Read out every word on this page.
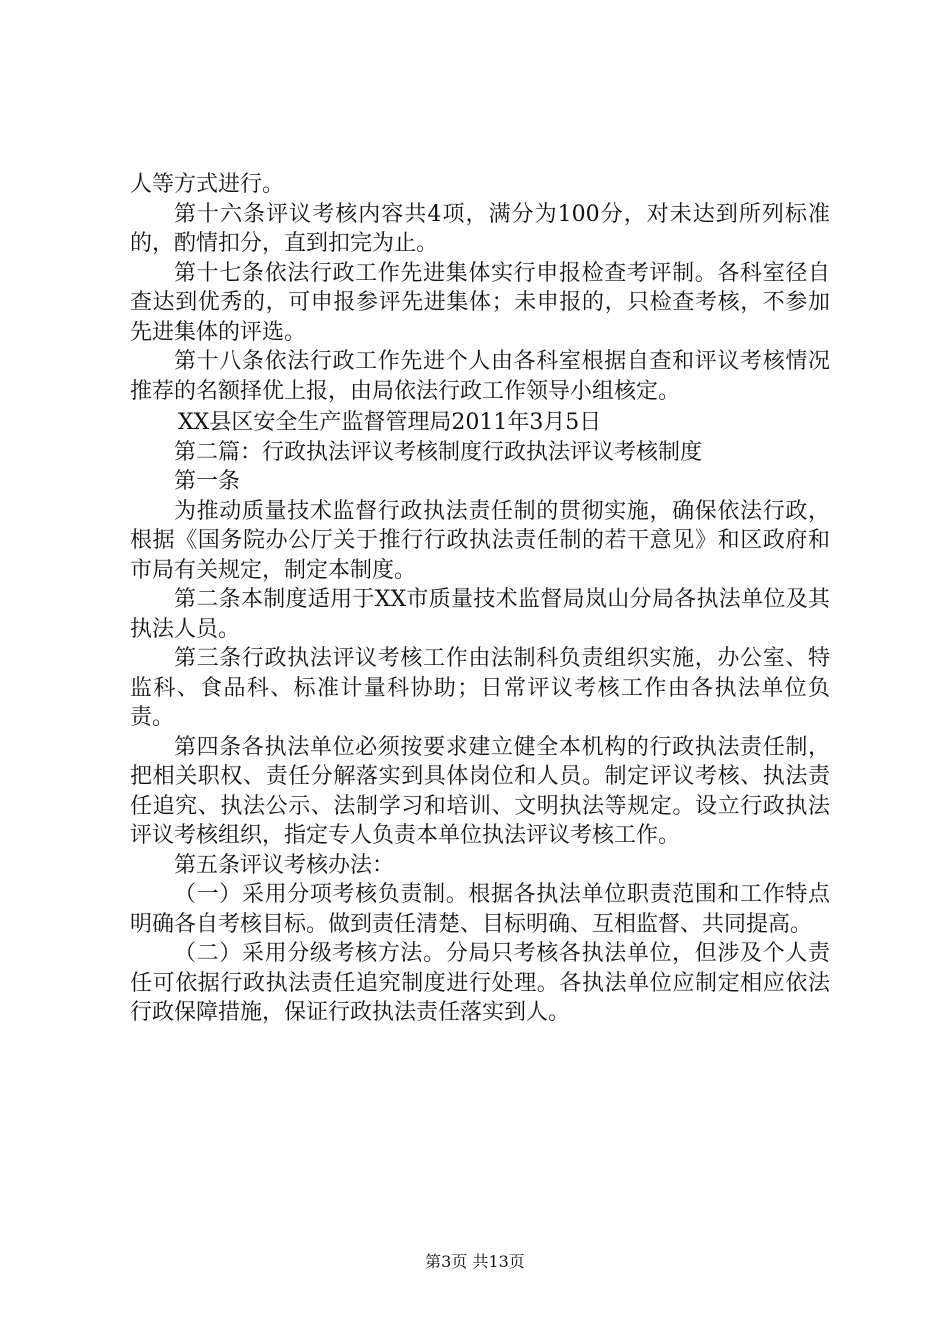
人等方式进行。

第十六条评议考核内容共4项，满分为100分，对未达到所列标准的，酌情扣分，直到扣完为止。

第十七条依法行政工作先进集体实行申报检查考评制。各科室径自查达到优秀的，可申报参评先进集体；未申报的，只检查考核，不参加先进集体的评选。

第十八条依法行政工作先进个人由各科室根据自查和评议考核情况推荐的名额择优上报，由局依法行政工作领导小组核定。

XX县区安全生产监督管理局2011年3月5日

第二篇：行政执法评议考核制度行政执法评议考核制度

第一条

为推动质量技术监督行政执法责任制的贯彻实施，确保依法行政，根据《国务院办公厅关于推行行政执法责任制的若干意见》和区政府和市局有关规定，制定本制度。

第二条本制度适用于XX市质量技术监督局岚山分局各执法单位及其执法人员。

第三条行政执法评议考核工作由法制科负责组织实施，办公室、特监科、食品科、标准计量科协助；日常评议考核工作由各执法单位负责。

第四条各执法单位必须按要求建立健全本机构的行政执法责任制，把相关职权、责任分解落实到具体岗位和人员。制定评议考核、执法责任追究、执法公示、法制学习和培训、文明执法等规定。设立行政执法评议考核组织，指定专人负责本单位执法评议考核工作。

第五条评议考核办法：

（一）采用分项考核负责制。根据各执法单位职责范围和工作特点明确各自考核目标。做到责任清楚、目标明确、互相监督、共同提高。

（二）采用分级考核方法。分局只考核各执法单位，但涉及个人责任可依据行政执法责任追究制度进行处理。各执法单位应制定相应依法行政保障措施，保证行政执法责任落实到人。

第3页 共13页
